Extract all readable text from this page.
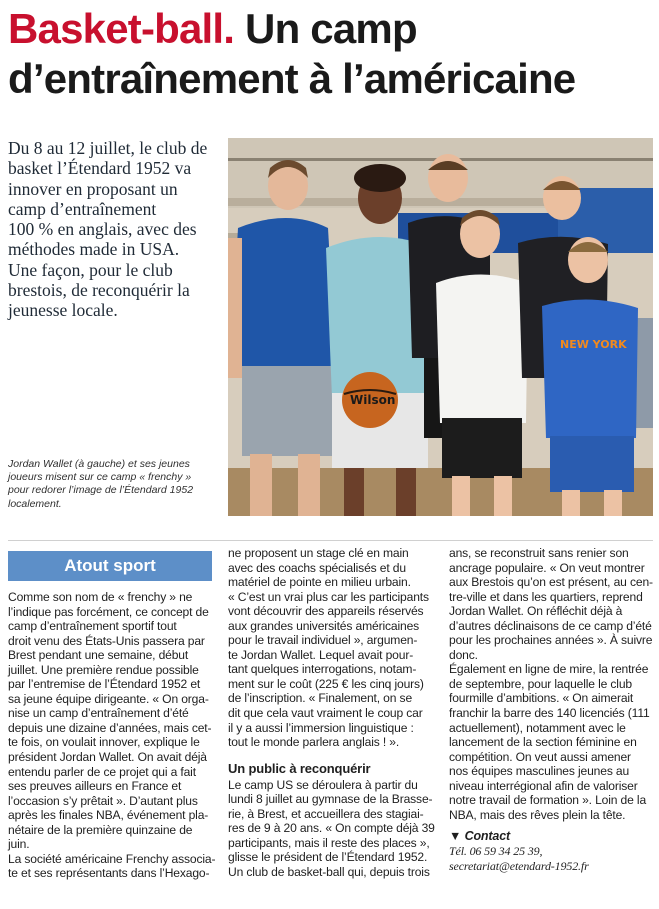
Basket-ball. Un camp
d’entraînement à l’américaine
Du 8 au 12 juillet, le club de
basket l’Étendard 1952 va
innover en proposant un
camp d’entraînement
100 % en anglais, avec des
méthodes made in USA.
Une façon, pour le club
brestois, de reconquérir la
jeunesse locale.
Jordan Wallet (à gauche) et ses jeunes
joueurs misent sur ce camp « frenchy »
pour redorer l’image de l’Étendard 1952
localement.
Wilson
NEW YORK
Atout sport
Comme son nom de « frenchy » ne
l’indique pas forcément, ce concept de
camp d’entraînement sportif tout
droit venu des États-Unis passera par
Brest pendant une semaine, début
juillet. Une première rendue possible
par l’entremise de l’Étendard 1952 et
sa jeune équipe dirigeante. « On orga-
nise un camp d’entraînement d’été
depuis une dizaine d’années, mais cet-
te fois, on voulait innover, explique le
président Jordan Wallet. On avait déjà
entendu parler de ce projet qui a fait
ses preuves ailleurs en France et
l’occasion s’y prêtait ». D’autant plus
après les finales NBA, événement pla-
nétaire de la première quinzaine de
juin.
La société américaine Frenchy associa-
te et ses représentants dans l’Hexago-
ne proposent un stage clé en main
avec des coachs spécialisés et du
matériel de pointe en milieu urbain.
« C’est un vrai plus car les participants
vont découvrir des appareils réservés
aux grandes universités américaines
pour le travail individuel », argumen-
te Jordan Wallet. Lequel avait pour-
tant quelques interrogations, notam-
ment sur le coût (225 € les cinq jours)
de l’inscription. « Finalement, on se
dit que cela vaut vraiment le coup car
il y a aussi l’immersion linguistique :
tout le monde parlera anglais ! ».
Un public à reconquérir
Le camp US se déroulera à partir du
lundi 8 juillet au gymnase de la Brasse-
rie, à Brest, et accueillera des stagiai-
res de 9 à 20 ans. « On compte déjà 39
participants, mais il reste des places »,
glisse le président de l’Étendard 1952.
Un club de basket-ball qui, depuis trois
ans, se reconstruit sans renier son
ancrage populaire. « On veut montrer
aux Brestois qu’on est présent, au cen-
tre-ville et dans les quartiers, reprend
Jordan Wallet. On réfléchit déjà à
d’autres déclinaisons de ce camp d’été
pour les prochaines années ». À suivre
donc.
Également en ligne de mire, la rentrée
de septembre, pour laquelle le club
fourmille d’ambitions. « On aimerait
franchir la barre des 140 licenciés (111
actuellement), notamment avec le
lancement de la section féminine en
compétition. On veut aussi amener
nos équipes masculines jeunes au
niveau interrégional afin de valoriser
notre travail de formation ». Loin de la
NBA, mais des rêves plein la tête.
▼ Contact
Tél. 06 59 34 25 39,
secretariat@etendard-1952.fr
